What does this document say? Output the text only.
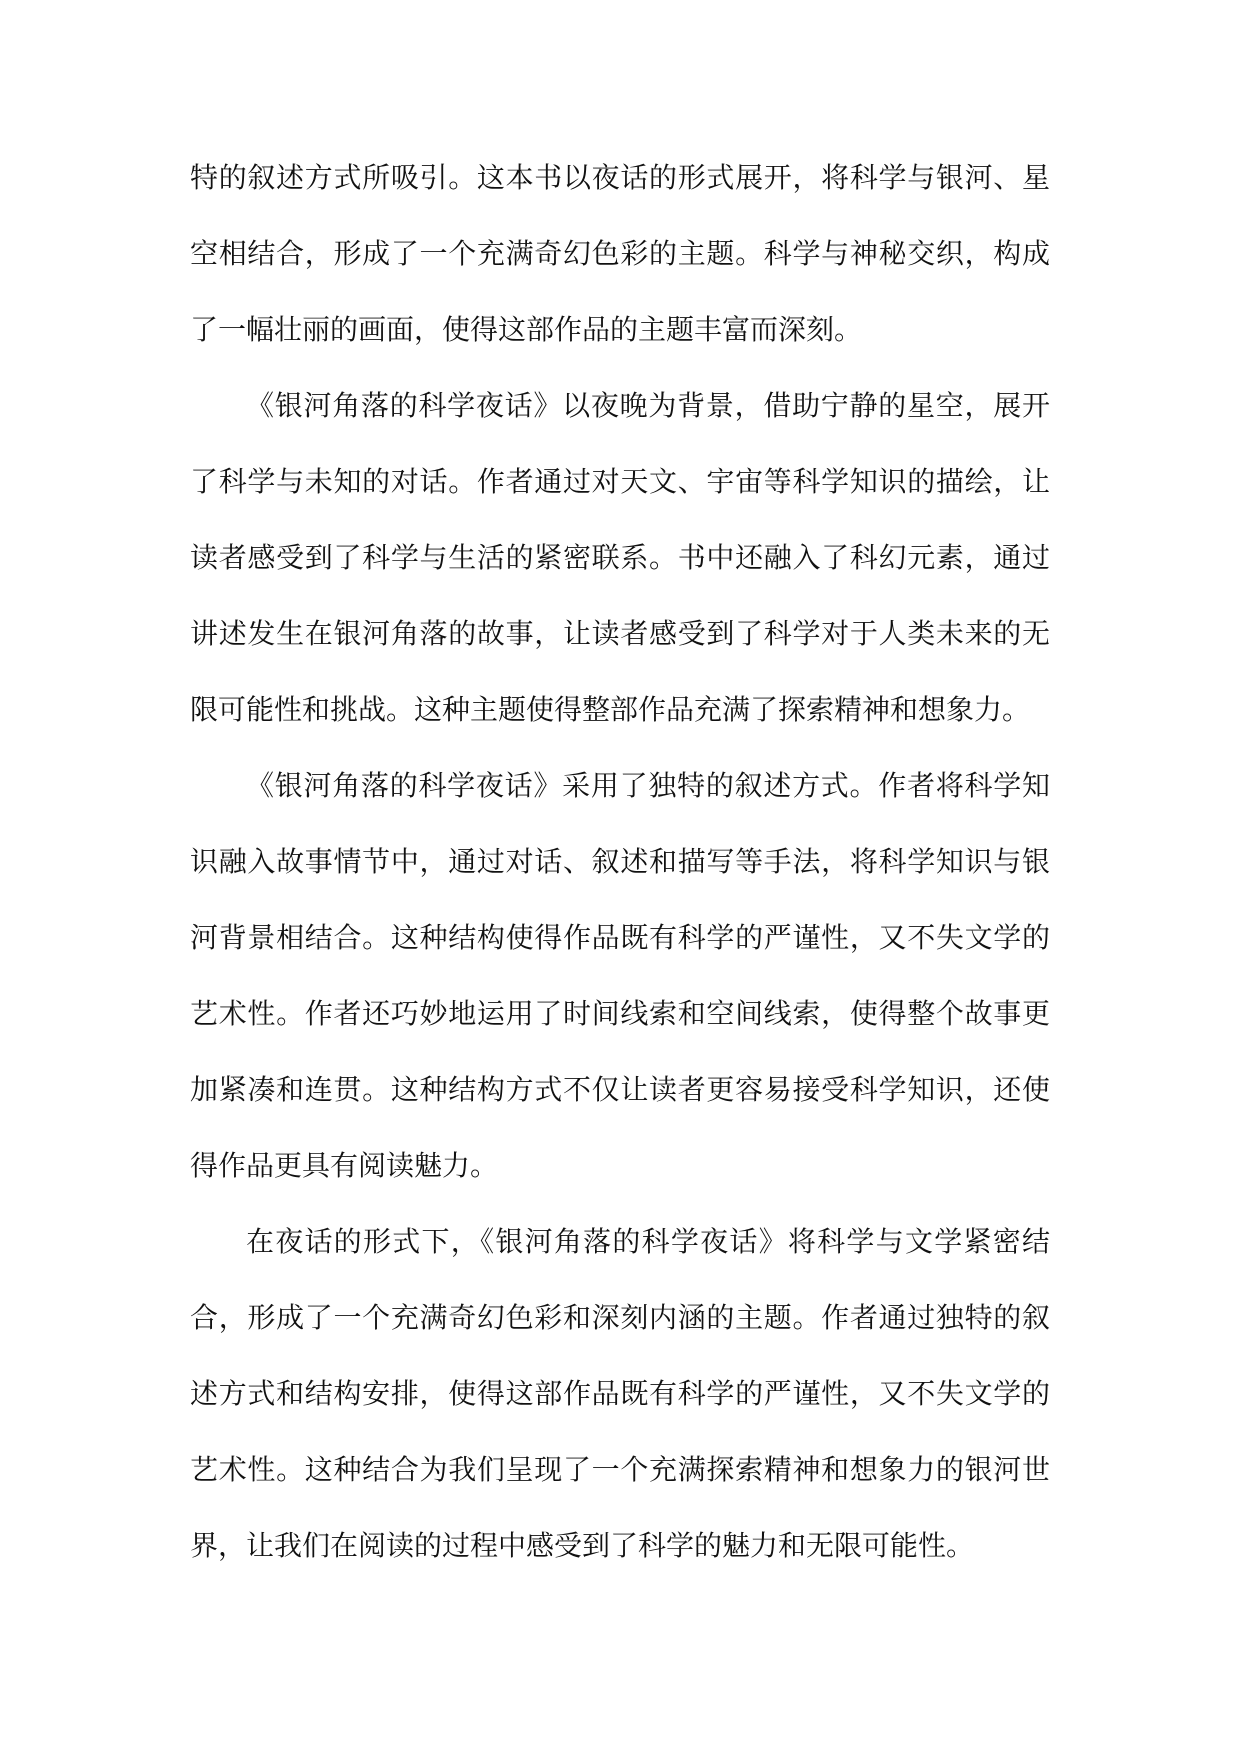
特的叙述方式所吸引。这本书以夜话的形式展开，将科学与银河、星空相结合，形成了一个充满奇幻色彩的主题。科学与神秘交织，构成了一幅壮丽的画面，使得这部作品的主题丰富而深刻。

《银河角落的科学夜话》以夜晚为背景，借助宁静的星空，展开了科学与未知的对话。作者通过对天文、宇宙等科学知识的描绘，让读者感受到了科学与生活的紧密联系。书中还融入了科幻元素，通过讲述发生在银河角落的故事，让读者感受到了科学对于人类未来的无限可能性和挑战。这种主题使得整部作品充满了探索精神和想象力。

《银河角落的科学夜话》采用了独特的叙述方式。作者将科学知识融入故事情节中，通过对话、叙述和描写等手法，将科学知识与银河背景相结合。这种结构使得作品既有科学的严谨性，又不失文学的艺术性。作者还巧妙地运用了时间线索和空间线索，使得整个故事更加紧凑和连贯。这种结构方式不仅让读者更容易接受科学知识，还使得作品更具有阅读魅力。

在夜话的形式下，《银河角落的科学夜话》将科学与文学紧密结合，形成了一个充满奇幻色彩和深刻内涵的主题。作者通过独特的叙述方式和结构安排，使得这部作品既有科学的严谨性，又不失文学的艺术性。这种结合为我们呈现了一个充满探索精神和想象力的银河世界，让我们在阅读的过程中感受到了科学的魅力和无限可能性。
